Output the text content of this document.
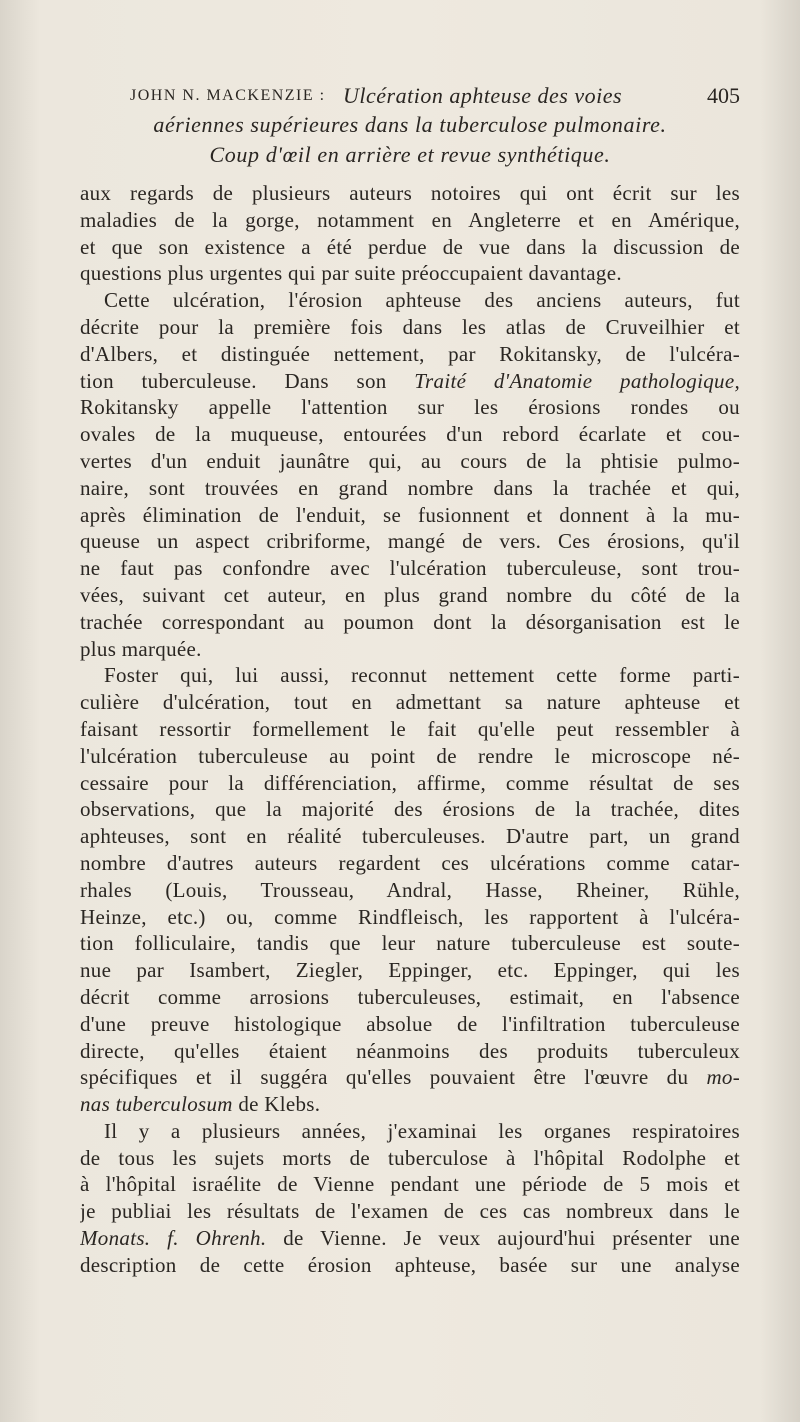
JOHN N. MACKENZIE : Ulcération aphteuse des voies	405
aériennes supérieures dans la tuberculose pulmonaire.
Coup d'œil en arrière et revue synthétique.
aux regards de plusieurs auteurs notoires qui ont écrit sur les
maladies de la gorge, notamment en Angleterre et en Amérique,
et que son existence a été perdue de vue dans la discussion de
questions plus urgentes qui par suite préoccupaient davantage.
Cette ulcération, l'érosion aphteuse des anciens auteurs, fut
décrite pour la première fois dans les atlas de Cruveilhier et
d'Albers, et distinguée nettement, par Rokitansky, de l'ulcéra-
tion tuberculeuse. Dans son Traité d'Anatomie pathologique,
Rokitansky appelle l'attention sur les érosions rondes ou
ovales de la muqueuse, entourées d'un rebord écarlate et cou-
vertes d'un enduit jaunâtre qui, au cours de la phtisie pulmo-
naire, sont trouvées en grand nombre dans la trachée et qui,
après élimination de l'enduit, se fusionnent et donnent à la mu-
queuse un aspect cribriforme, mangé de vers. Ces érosions, qu'il
ne faut pas confondre avec l'ulcération tuberculeuse, sont trou-
vées, suivant cet auteur, en plus grand nombre du côté de la
trachée correspondant au poumon dont la désorganisation est le
plus marquée.
Foster qui, lui aussi, reconnut nettement cette forme parti-
culière d'ulcération, tout en admettant sa nature aphteuse et
faisant ressortir formellement le fait qu'elle peut ressembler à
l'ulcération tuberculeuse au point de rendre le microscope né-
cessaire pour la différenciation, affirme, comme résultat de ses
observations, que la majorité des érosions de la trachée, dites
aphteuses, sont en réalité tuberculeuses. D'autre part, un grand
nombre d'autres auteurs regardent ces ulcérations comme catar-
rhales (Louis, Trousseau, Andral, Hasse, Rheiner, Rühle,
Heinze, etc.) ou, comme Rindfleisch, les rapportent à l'ulcéra-
tion folliculaire, tandis que leur nature tuberculeuse est soute-
nue par Isambert, Ziegler, Eppinger, etc. Eppinger, qui les
décrit comme arrosions tuberculeuses, estimait, en l'absence
d'une preuve histologique absolue de l'infiltration tuberculeuse
directe, qu'elles étaient néanmoins des produits tuberculeux
spécifiques et il suggéra qu'elles pouvaient être l'œuvre du mo-
nas tuberculosum de Klebs.
Il y a plusieurs années, j'examinai les organes respiratoires
de tous les sujets morts de tuberculose à l'hôpital Rodolphe et
à l'hôpital israélite de Vienne pendant une période de 5 mois et
je publiai les résultats de l'examen de ces cas nombreux dans le
Monats. f. Ohrenh. de Vienne. Je veux aujourd'hui présenter une
description de cette érosion aphteuse, basée sur une analyse
